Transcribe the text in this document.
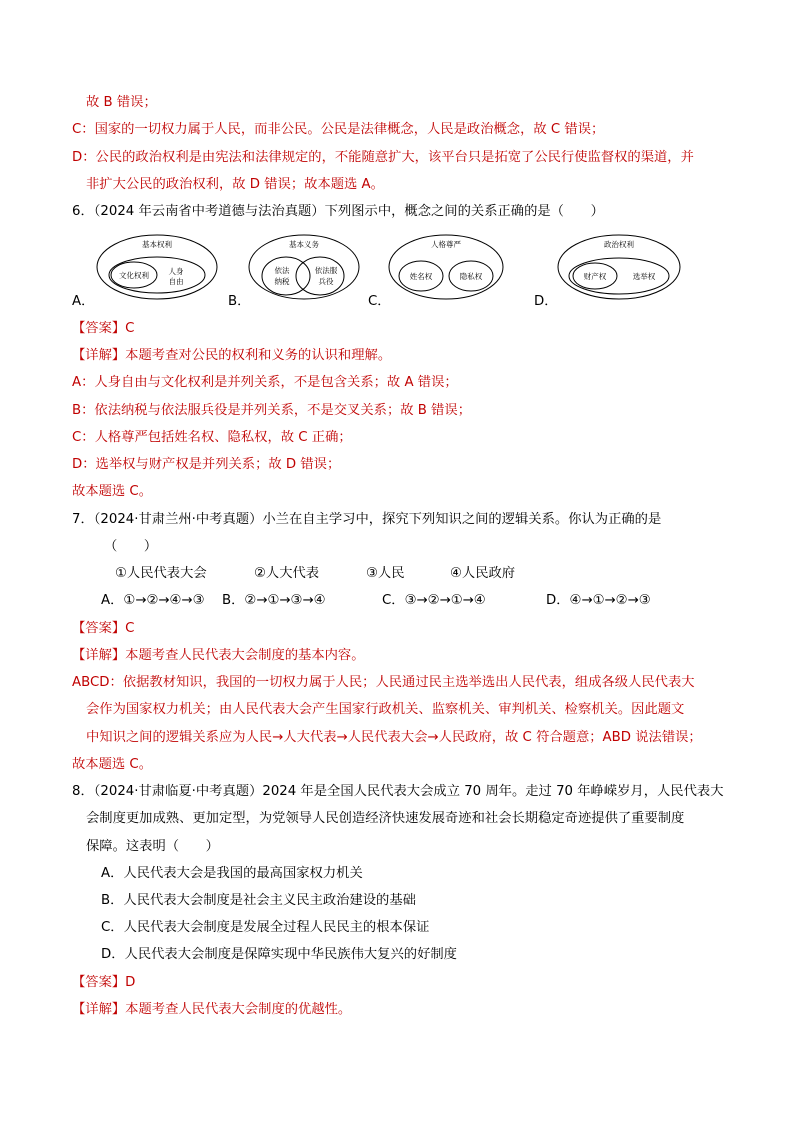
故 B 错误；
C：国家的一切权力属于人民，而非公民。公民是法律概念，人民是政治概念，故 C 错误；
D：公民的政治权利是由宪法和法律规定的，不能随意扩大，该平台只是拓宽了公民行使监督权的渠道，并
非扩大公民的政治权利，故 D 错误；故本题选 A。
6．（2024 年云南省中考道德与法治真题）下列图示中，概念之间的关系正确的是（　　）
基本权利
文化权利	人身
自由
A．
基本义务
依法
纳税
依法服
兵役
B．
人格尊严
姓名权	隐私权
C．
政治权利
财产权	选举权
D．
【答案】C
【详解】本题考查对公民的权利和义务的认识和理解。
A：人身自由与文化权利是并列关系，不是包含关系；故 A 错误；
B：依法纳税与依法服兵役是并列关系，不是交叉关系；故 B 错误；
C：人格尊严包括姓名权、隐私权，故 C 正确；
D：选举权与财产权是并列关系；故 D 错误；
故本题选 C。
7．（2024·甘肃兰州·中考真题）小兰在自主学习中，探究下列知识之间的逻辑关系。你认为正确的是
（　　）
①人民代表大会	②人大代表	③人民	④人民政府
A．①→②→④→③ B．②→①→③→④	C．③→②→①→④	D．④→①→②→③
【答案】C
【详解】本题考查人民代表大会制度的基本内容。
ABCD：依据教材知识，我国的一切权力属于人民；人民通过民主选举选出人民代表，组成各级人民代表大
会作为国家权力机关；由人民代表大会产生国家行政机关、监察机关、审判机关、检察机关。因此题文
中知识之间的逻辑关系应为人民→人大代表→人民代表大会→人民政府，故 C 符合题意；ABD 说法错误；
故本题选 C。
8．（2024·甘肃临夏·中考真题）2024 年是全国人民代表大会成立 70 周年。走过 70 年峥嵘岁月，人民代表大
会制度更加成熟、更加定型，为党领导人民创造经济快速发展奇迹和社会长期稳定奇迹提供了重要制度
保障。这表明（　　）
A．人民代表大会是我国的最高国家权力机关
B．人民代表大会制度是社会主义民主政治建设的基础
C．人民代表大会制度是发展全过程人民民主的根本保证
D．人民代表大会制度是保障实现中华民族伟大复兴的好制度
【答案】D
【详解】本题考查人民代表大会制度的优越性。
